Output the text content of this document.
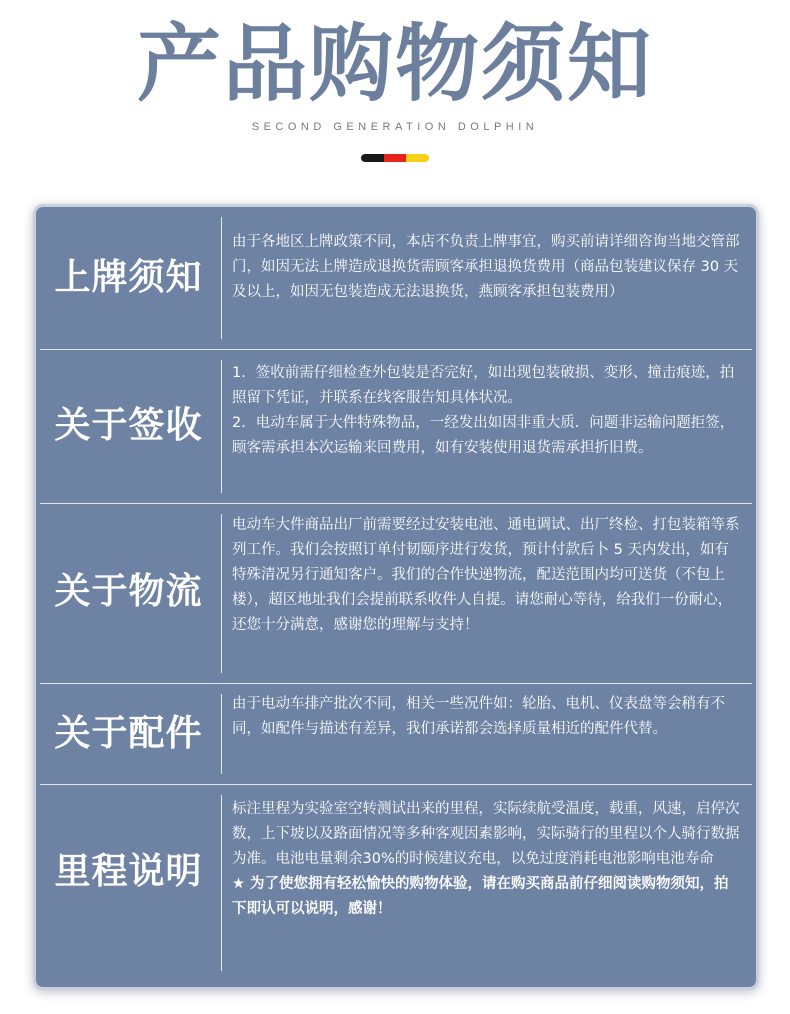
产品购物须知
SECOND GENERATION DOLPHIN
上牌须知

由于各地区上牌政策不同，本店不负责上牌事宜，购买前请详细咨询当地交管部门，如因无法上牌造成退换货需顾客承担退换货费用（商品包装建议保存 30 天及以上，如因无包装造成无法退换货，燕顾客承担包装费用）

关于签收

1．签收前需仔细检查外包装是否完好，如出现包装破损、变形、撞击痕迹，拍照留下凭证，并联系在线客服告知具体状况。

2．电动车属于大件特殊物品，一经发出如因非重大质．问题非运输问题拒签，顾客需承担本次运输来回费用，如有安装使用退货需承担折旧费。

关于物流

电动车大件商品出厂前需要经过安装电池、通电调试、出厂终检、打包装箱等系列工作。我们会按照订单付韧颐序进行发货，预计付款后卜 5 天内发出，如有特殊清况另行通知客户。我们的合作快递物流，配送范围内均可送货（不包上楼），超区地址我们会提前联系收件人自提。请您耐心等待，给我们一份耐心，还您十分满意，感谢您的理解与支持！

关于配件

由于电动车排产批次不同，相关一些况件如：轮胎、电机、仪表盘等会稍有不同，如配件与描述有差异，我们承诺都会选择质量相近的配件代替。

里程说明

标注里程为实验室空转测试出来的里程，实际续航受温度，载重，风速，启停次数，上下坡以及路面情况等多种客观因素影响，实际骑行的里程以个人骑行数据为准。电池电量剩余30%的时候建议充电，以免过度消耗电池影响电池寿命

★ 为了使您拥有轻松愉快的购物体验，请在购买商品前仔细阅读购物须知，拍下即认可以说明，感谢！
